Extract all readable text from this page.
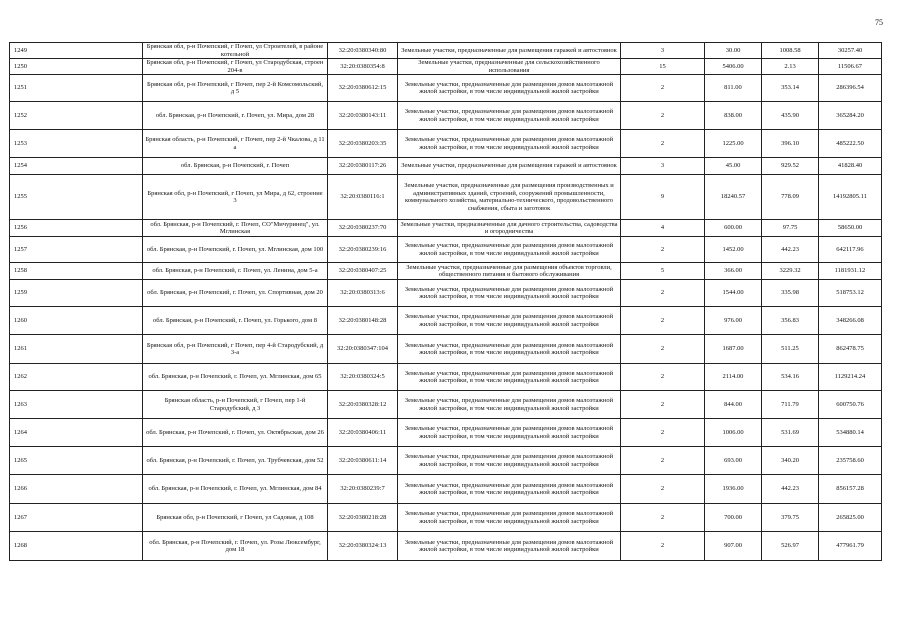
75
1249	Брянская обл, р-н Почепский, г Почеп, ул Строителей, в районе котельной	32:20:0380340:80	Земельные участки, предназначенные для размещения гаражей и автостоянок	3	30.00	1008.58	30257.40
1250	Брянская обл, р-н Почепский, г Почеп, ул Стародубская, строен 204-в	32:20:0380354:8	Земельные участки, предназначенные для сельскохозяйственного использования	15	5406.00	2.13	11506.67
1251	Брянская обл, р-н Почепский, г Почеп, пер 2-й Комсомольский, д 5	32:20:0380612:15	Земельные участки, предназначенные для размещения домов малоэтажной жилой застройки, в том числе индивидуальной жилой застройки	2	811.00	353.14	286396.54
1252	обл. Брянская, р-н Почепский, г. Почеп, ул. Мира, дом 28	32:20:0380143:11	Земельные участки, предназначенные для размещения домов малоэтажной жилой застройки, в том числе индивидуальной жилой застройки	2	838.00	435.90	365284.20
1253	Брянская область, р-н Почепский, г Почеп, пер 2-й Чкалова, д 11 а	32:20:0380203:35	Земельные участки, предназначенные для размещения домов малоэтажной жилой застройки, в том числе индивидуальной жилой застройки	2	1225.00	396.10	485222.50
1254	обл. Брянская, р-н Почепский, г. Почеп	32:20:0380117:26	Земельные участки, предназначенные для размещения гаражей и автостоянок	3	45.00	929.52	41828.40
1255	Брянская обл, р-н Почепский, г Почеп, ул Мира, д 62, строение 3	32:20:0380116:1	Земельные участки, предназначенные для размещения производственных и административных зданий, строений, сооружений промышленности, коммунального хозяйства, материально-технического, продовольственного снабжения, сбыта и заготовок	9	18240.57	778.09	14192805.11
1256	обл. Брянская, р-н Почепский, г. Почеп, СО"Мичуринец", ул. Мглинская	32:20:0380237:70	Земельные участки, предназначенные для дачного строительства, садоводства и огородничества	4	600.00	97.75	58650.00
1257	обл. Брянская, р-н Почепский, г. Почеп, ул. Мглинская, дом 100	32:20:0380239:16	Земельные участки, предназначенные для размещения домов малоэтажной жилой застройки, в том числе индивидуальной жилой застройки	2	1452.00	442.23	642117.96
1258	обл. Брянская, р-н Почепский, г. Почеп, ул. Ленина, дом 5-а	32:20:0380407:25	Земельные участки, предназначенные для размещения объектов торговли, общественного питания и бытового обслуживания	5	366.00	3229.32	1181931.12
1259	обл. Брянская, р-н Почепский, г. Почеп, ул. Спортивная, дом 20	32:20:0380313:6	Земельные участки, предназначенные для размещения домов малоэтажной жилой застройки, в том числе индивидуальной жилой застройки	2	1544.00	335.98	518753.12
1260	обл. Брянская, р-н Почепский, г. Почеп, ул. Горького, дом 8	32:20:0380148:28	Земельные участки, предназначенные для размещения домов малоэтажной жилой застройки, в том числе индивидуальной жилой застройки	2	976.00	356.83	348266.08
1261	Брянская обл, р-н Почепский, г Почеп, пер 4-й Стародубский, д 3-а	32:20:0380347:104	Земельные участки, предназначенные для размещения домов малоэтажной жилой застройки, в том числе индивидуальной жилой застройки	2	1687.00	511.25	862478.75
1262	обл. Брянская, р-н Почепский, г. Почеп, ул. Мглинская, дом 65	32:20:0380324:5	Земельные участки, предназначенные для размещения домов малоэтажной жилой застройки, в том числе индивидуальной жилой застройки	2	2114.00	534.16	1129214.24
1263	Брянская область, р-н Почепский, г Почеп, пер 1-й Стародубский, д 3	32:20:0380328:12	Земельные участки, предназначенные для размещения домов малоэтажной жилой застройки, в том числе индивидуальной жилой застройки	2	844.00	711.79	600750.76
1264	обл. Брянская, р-н Почепский, г. Почеп, ул. Октябрьская, дом 26	32:20:0380406:11	Земельные участки, предназначенные для размещения домов малоэтажной жилой застройки, в том числе индивидуальной жилой застройки	2	1006.00	531.69	534880.14
1265	обл. Брянская, р-н Почепский, г. Почеп, ул. Трубчевская, дом 52	32:20:0380611:14	Земельные участки, предназначенные для размещения домов малоэтажной жилой застройки, в том числе индивидуальной жилой застройки	2	693.00	340.20	235758.60
1266	обл. Брянская, р-н Почепский, г. Почеп, ул. Мглинская, дом 84	32:20:0380239:7	Земельные участки, предназначенные для размещения домов малоэтажной жилой застройки, в том числе индивидуальной жилой застройки	2	1936.00	442.23	856157.28
1267	Брянская обл, р-н Почепский, г Почеп, ул Садовая, д 108	32:20:0380218:28	Земельные участки, предназначенные для размещения домов малоэтажной жилой застройки, в том числе индивидуальной жилой застройки	2	700.00	379.75	265825.00
1268	обл. Брянская, р-н Почепский, г. Почеп, ул. Розы Люксембург, дом 18	32:20:0380324:13	Земельные участки, предназначенные для размещения домов малоэтажной жилой застройки, в том числе индивидуальной жилой застройки	2	907.00	526.97	477961.79
